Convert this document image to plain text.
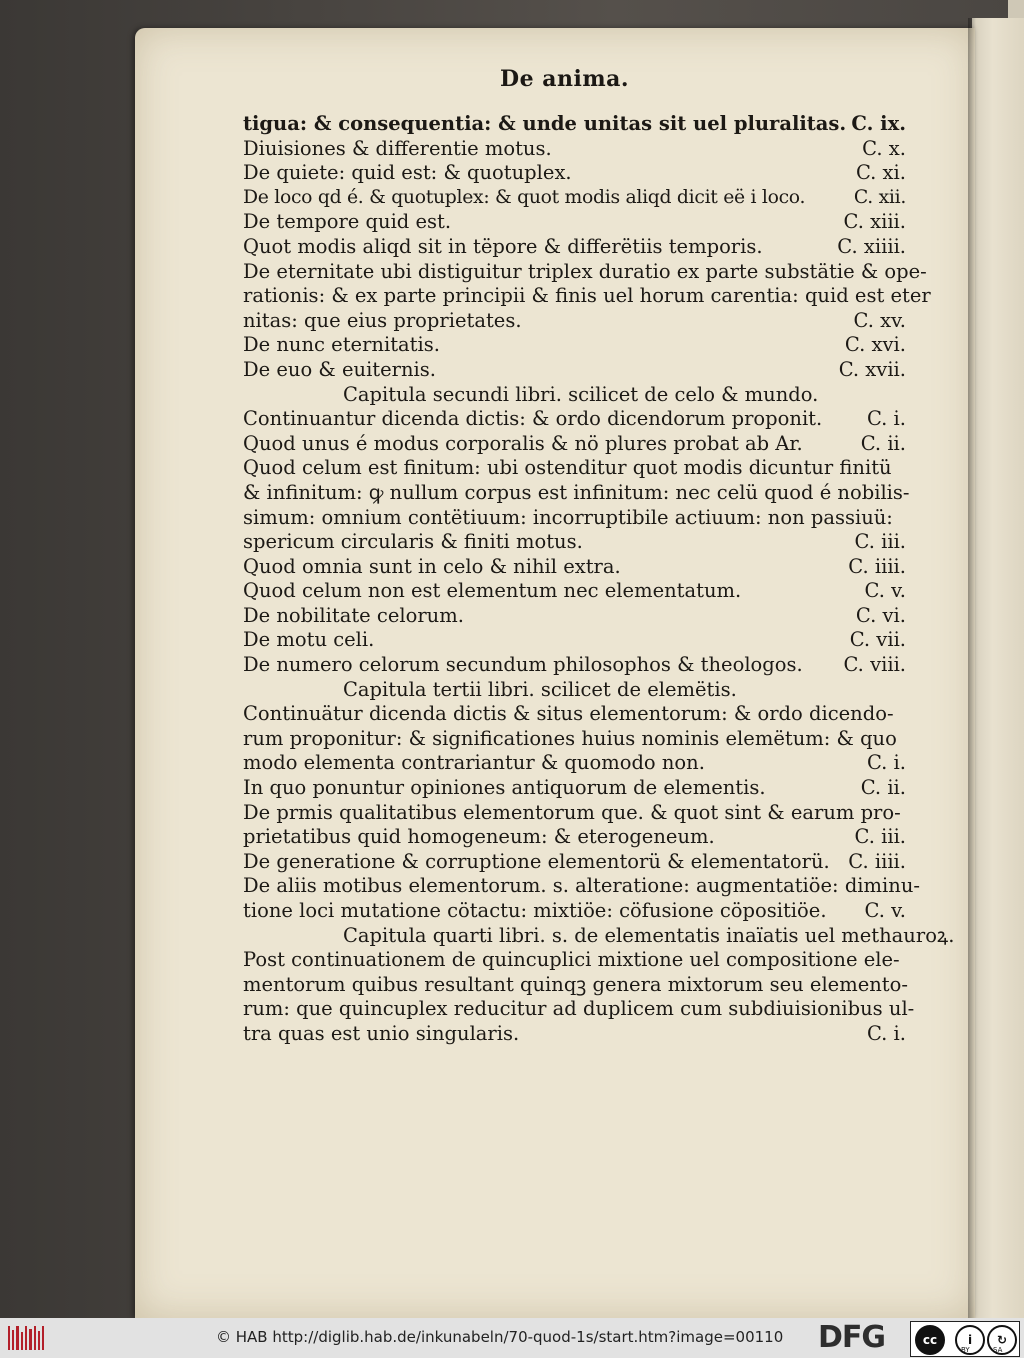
De anima.
tigua: & consequentia: & unde unitas sit uel pluralitas. C. ix.
Diuisiones & differentie motus.	C. x.
De quiete: quid est: & quotuplex.	C. xi.
De loco qd é. & quotuplex: & quot modis aliqd dicit eë i loco.	C. xii.
De tempore quid est.	C. xiii.
Quot modis aliqd sit in tëpore & differëtiis temporis.	C. xiiii.
De eternitate ubi distiguitur triplex duratio ex parte substätie & ope-
rationis: & ex parte principii & finis uel horum carentia: quid est eter
nitas: que eius proprietates.	C. xv.
De nunc eternitatis.	C. xvi.
De euo & euiternis.	C. xvii.
Capitula secundi libri. scilicet de celo & mundo.
Continuantur dicenda dictis: & ordo dicendorum proponit. C. i.
Quod unus é modus corporalis & nö plures probat ab Ar.	C. ii.
Quod celum est finitum: ubi ostenditur quot modis dicuntur finitü
& infinitum: ꝙ nullum corpus est infinitum: nec celü quod é nobilis-
simum: omnium contëtiuum: incorruptibile actiuum: non passiuü:
spericum circularis & finiti motus.	C. iii.
Quod omnia sunt in celo & nihil extra.	C. iiii.
Quod celum non est elementum nec elementatum.	C. v.
De nobilitate celorum.	C. vi.
De motu celi.	C. vii.
De numero celorum secundum philosophos & theologos. C. viii.
Capitula tertii libri. scilicet de elemëtis.
Continuätur dicenda dictis & situs elementorum: & ordo dicendo-
rum proponitur: & significationes huius nominis elemëtum: & quo
modo elementa contrariantur & quomodo non.	C. i.
In quo ponuntur opiniones antiquorum de elementis.	C. ii.
De prmis qualitatibus elementorum que. & quot sint & earum pro-
prietatibus quid homogeneum: & eterogeneum.	C. iii.
De generatione & corruptione elementorü & elementatorü. C. iiii.
De aliis motibus elementorum. s. alteratione: augmentatiöe: diminu-
tione loci mutatione cötactu: mixtiöe: cöfusione cöpositiöe. C. v.
Capitula quarti libri. s. de elementatis inaïatis uel methauroꝝ.
Post continuationem de quincuplici mixtione uel compositione ele-
mentorum quibus resultant quinqꝫ genera mixtorum seu elemento-
rum: que quincuplex reducitur ad duplicem cum subdiuisionibus ul-
tra quas est unio singularis.	C. i.
© HAB http://diglib.hab.de/inkunabeln/70-quod-1s/start.htm?image=00110 DFG	cc	i	↻
BY	SA
